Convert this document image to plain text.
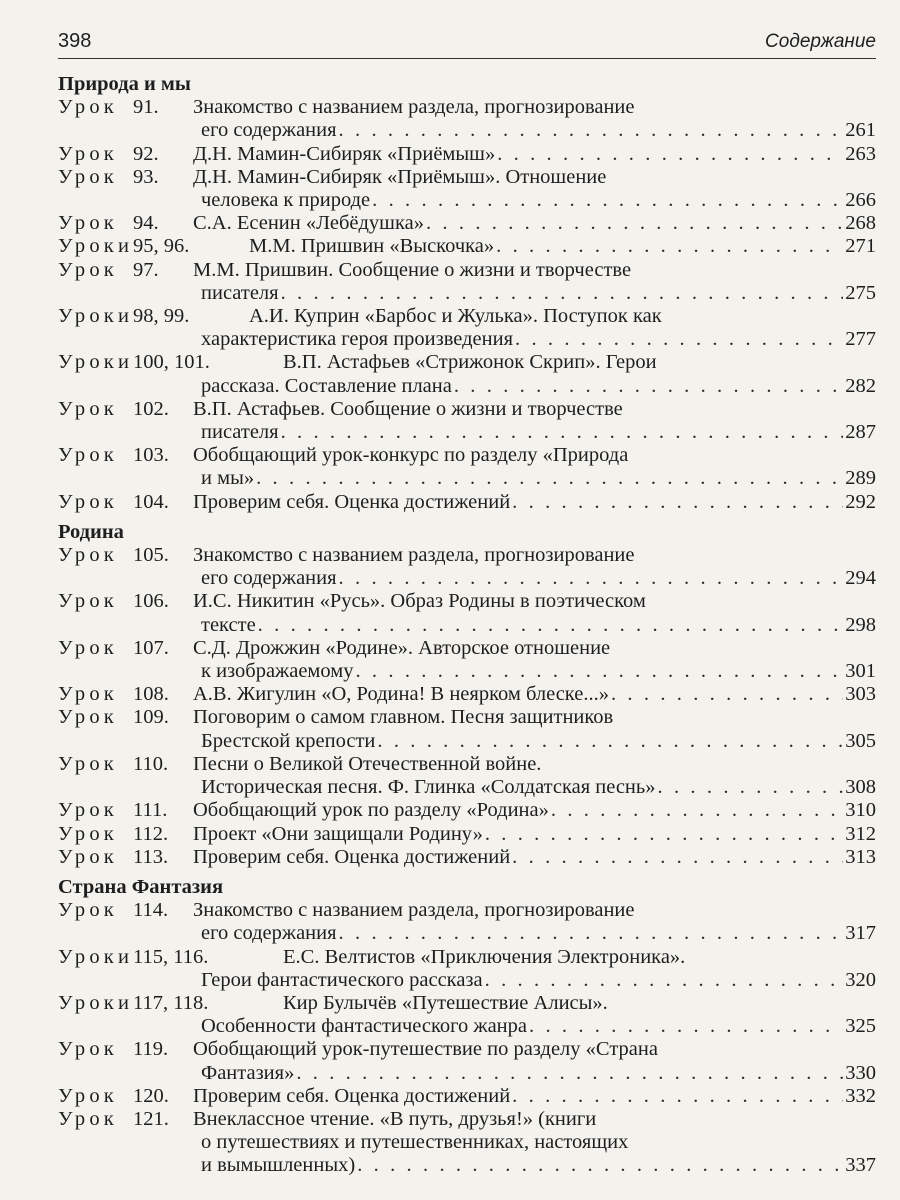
398	Содержание
Природа и мы
Урок 91.	Знакомство с названием раздела, прогнозирование
его содержания . . .	261
Урок 92.	Д.Н. Мамин-Сибиряк «Приёмыш» . . .	263
Урок 93.	Д.Н. Мамин-Сибиряк «Приёмыш». Отношение
человека к природе . . .	266
Урок 94.	С.А. Есенин «Лебёдушка» . . .	268
Уроки 95, 96.	М.М. Пришвин «Выскочка» . . .	271
Урок 97.	М.М. Пришвин. Сообщение о жизни и творчестве
писателя . . .	275
Уроки 98, 99.	А.И. Куприн «Барбос и Жулька». Поступок как
характеристика героя произведения . . .	277
Уроки 100, 101.	В.П. Астафьев «Стрижонок Скрип». Герои
рассказа. Составление плана . . .	282
Урок 102.	В.П. Астафьев. Сообщение о жизни и творчестве
писателя . . .	287
Урок 103.	Обобщающий урок-конкурс по разделу «Природа
и мы» . . .	289
Урок 104.	Проверим себя. Оценка достижений . . .	292
Родина
Урок 105.	Знакомство с названием раздела, прогнозирование
его содержания . . .	294
Урок 106.	И.С. Никитин «Русь». Образ Родины в поэтическом
тексте . . .	298
Урок 107.	С.Д. Дрожжин «Родине». Авторское отношение
к изображаемому . . .	301
Урок 108.	А.В. Жигулин «О, Родина! В неярком блеске...» . . .	303
Урок 109.	Поговорим о самом главном. Песня защитников
Брестской крепости . . .	305
Урок 110.	Песни о Великой Отечественной войне.
Историческая песня. Ф. Глинка «Солдатская песнь» . . .	308
Урок 111.	Обобщающий урок по разделу «Родина» . . .	310
Урок 112.	Проект «Они защищали Родину» . . .	312
Урок 113.	Проверим себя. Оценка достижений . . .	313
Страна Фантазия
Урок 114.	Знакомство с названием раздела, прогнозирование
его содержания . . .	317
Уроки 115, 116.	Е.С. Велтистов «Приключения Электроника».
Герои фантастического рассказа . . .	320
Уроки 117, 118.	Кир Булычёв «Путешествие Алисы».
Особенности фантастического жанра . . .	325
Урок 119.	Обобщающий урок-путешествие по разделу «Страна
Фантазия» . . .	330
Урок 120.	Проверим себя. Оценка достижений . . .	332
Урок 121.	Внеклассное чтение. «В путь, друзья!» (книги
о путешествиях и путешественниках, настоящих
и вымышленных) . . .	337
